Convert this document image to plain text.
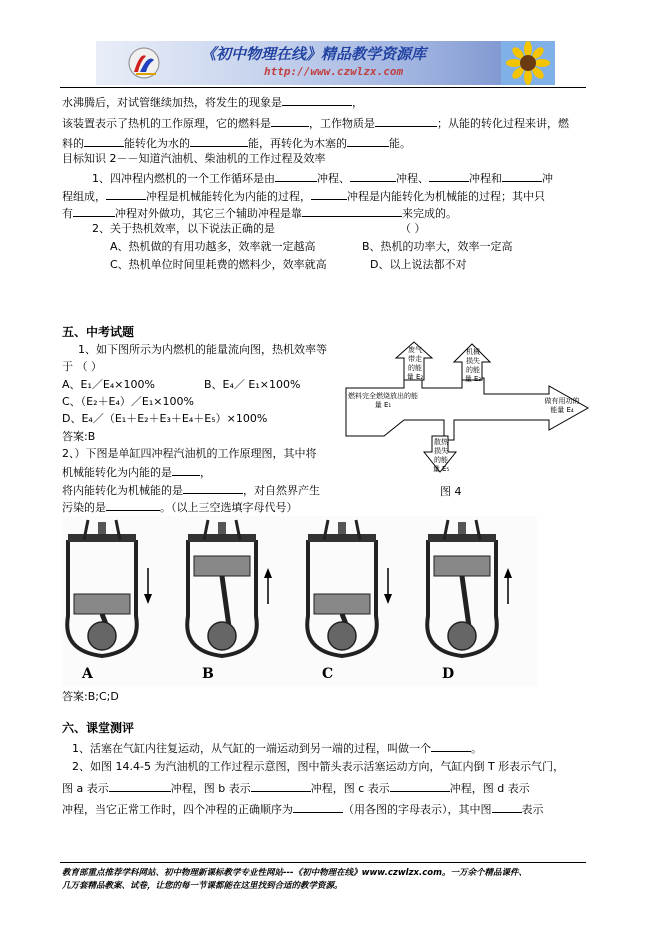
《初中物理在线》精品教学资源库
http://www.czwlzx.com
水沸腾后，对试管继续加热，将发生的现象是	，
该装置表示了热机的工作原理，它的燃料是	，工作物质是	；从能的转化过程来讲，燃
料的	能转化为水的	能，再转化为木塞的	能。
目标知识 2－－知道汽油机、柴油机的工作过程及效率
1、四冲程内燃机的一个工作循环是由	冲程、	冲程、	冲程和	冲
程组成，	冲程是机械能转化为内能的过程，	冲程是内能转化为机械能的过程；其中只
有	冲程对外做功，其它三个辅助冲程是靠	来完成的。
2、关于热机效率，以下说法正确的是	（ ）
A、热机做的有用功越多，效率就一定越高	B、热机的功率大，效率一定高
C、热机单位时间里耗费的燃料少，效率就高	D、以上说法都不对
五、中考试题
1、如下图所示为内燃机的能量流向图，热机效率等
于 （ ）
A、E₁／E₄×100%	B、E₄／ E₁×100%
C、（E₂＋E₄）／E₁×100%
D、E₄／（E₁＋E₂＋E₃＋E₄＋E₅）×100%
答案:B
2、）下图是单缸四冲程汽油机的工作原理图，其中将
机械能转化为内能的是	，
将内能转化为机械能的是	，对自然界产生
污染的是	。（以上三空选填字母代号）
燃料完全燃烧放出的能量 E₁
废气带走的能量 E₂
机械损失的能量 E₃
做有用功的能量 E₄
散热损失的能量 E₅
图 4
A	B	C	D
答案:B;C;D
六、课堂测评
1、活塞在气缸内往复运动，从气缸的一端运动到另一端的过程，叫做一个	。
2、如图 14.4-5 为汽油机的工作过程示意图，图中箭头表示活塞运动方向，气缸内倒 T 形表示气门，
图 a 表示	冲程，图 b 表示	冲程，图 c 表示	冲程，图 d 表示
冲程，当它正常工作时，四个冲程的正确顺序为	（用各图的字母表示），其中图	表示
教育部重点推荐学科网站、初中物理新课标教学专业性网站---《初中物理在线》www.czwlzx.com。一万余个精品课件、
几万套精品教案、试卷，让您的每一节课都能在这里找到合适的教学资源。
